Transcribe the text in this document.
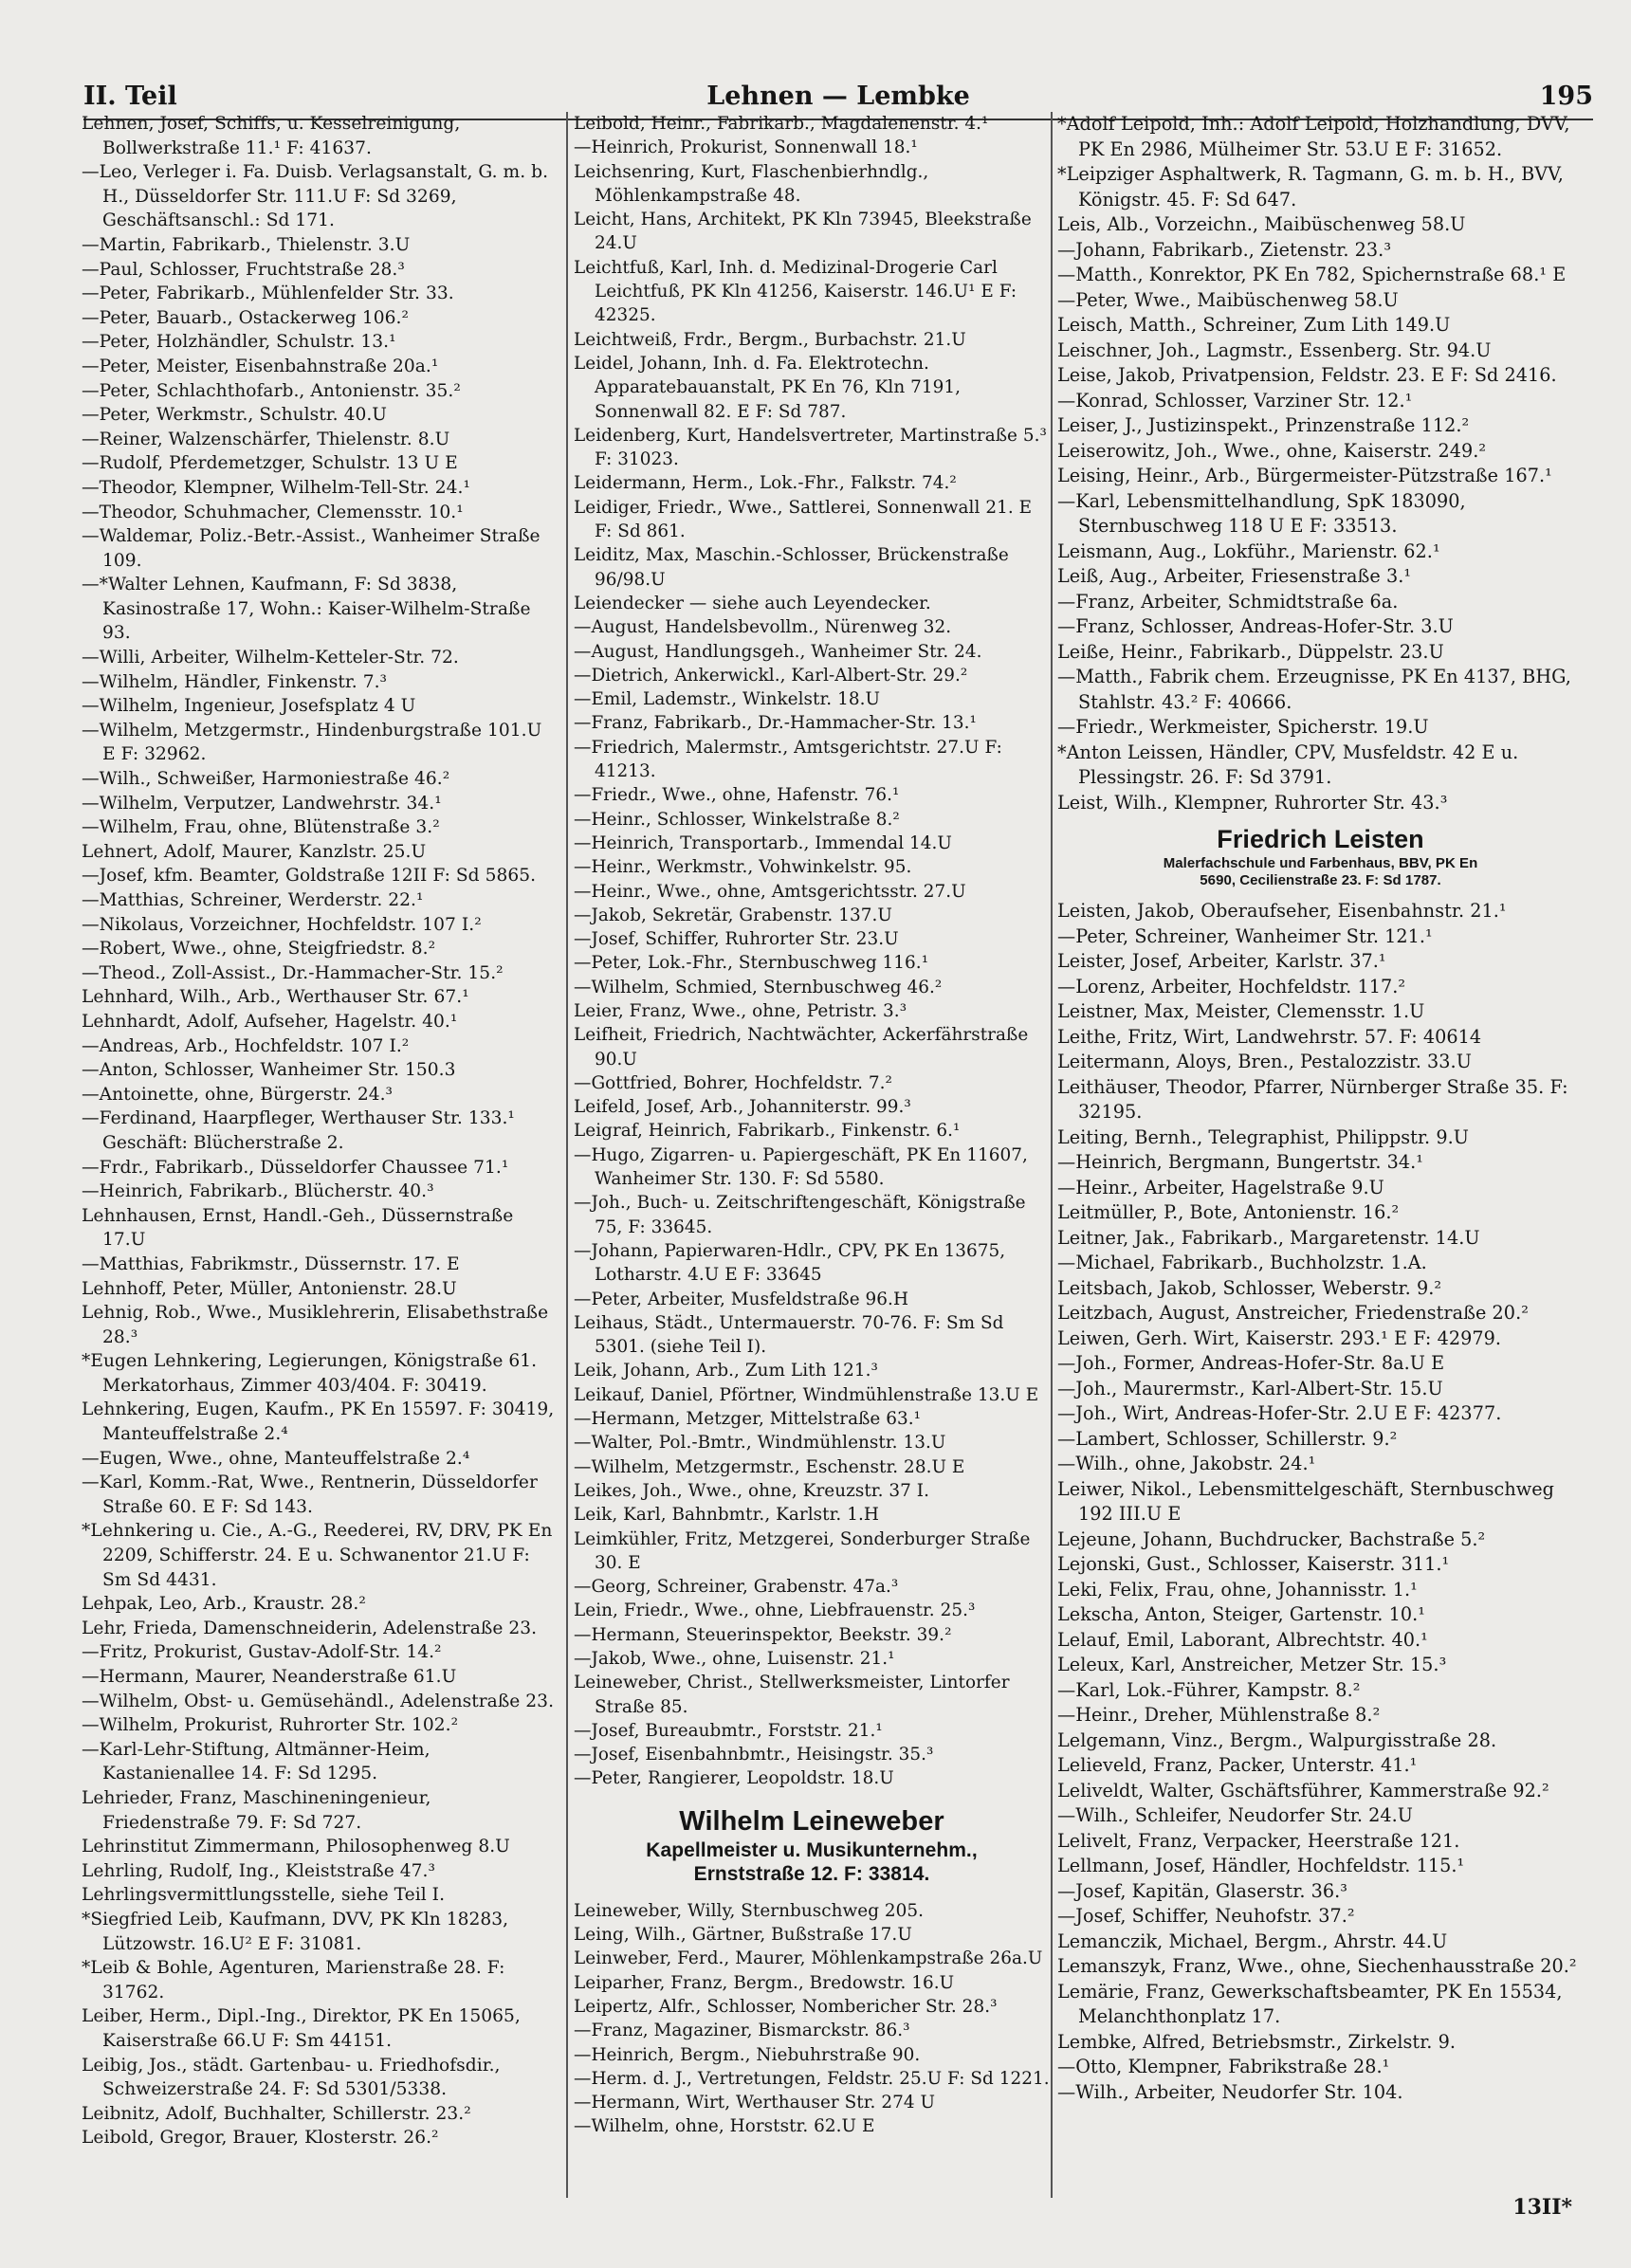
II. Teil	Lehnen — Lembke	195
Lehnen, Josef, Schiffs, u. Kesselreinigung, Bollwerkstraße 11.¹ F: 41637.
—Leo, Verleger i. Fa. Duisb. Verlagsanstalt, G. m. b. H., Düsseldorfer Str. 111.U F: Sd 3269, Geschäftsanschl.: Sd 171.
—Martin, Fabrikarb., Thielenstr. 3.U
—Paul, Schlosser, Fruchtstraße 28.³
—Peter, Fabrikarb., Mühlenfelder Str. 33.
—Peter, Bauarb., Ostackerweg 106.²
—Peter, Holzhändler, Schulstr. 13.¹
—Peter, Meister, Eisenbahnstraße 20a.¹
—Peter, Schlachthofarb., Antonienstr. 35.²
—Peter, Werkmstr., Schulstr. 40.U
—Reiner, Walzenschärfer, Thielenstr. 8.U
—Rudolf, Pferdemetzger, Schulstr. 13 U E
—Theodor, Klempner, Wilhelm-Tell-Str. 24.¹
—Theodor, Schuhmacher, Clemensstr. 10.¹
—Waldemar, Poliz.-Betr.-Assist., Wanheimer Straße 109.
—*Walter Lehnen, Kaufmann, F: Sd 3838, Kasinostraße 17, Wohn.: Kaiser-Wilhelm-Straße 93.
—Willi, Arbeiter, Wilhelm-Ketteler-Str. 72.
—Wilhelm, Händler, Finkenstr. 7.³
—Wilhelm, Ingenieur, Josefsplatz 4 U
—Wilhelm, Metzgermstr., Hindenburgstraße 101.U E F: 32962.
—Wilh., Schweißer, Harmoniestraße 46.²
—Wilhelm, Verputzer, Landwehrstr. 34.¹
—Wilhelm, Frau, ohne, Blütenstraße 3.²
Lehnert, Adolf, Maurer, Kanzlstr. 25.U
—Josef, kfm. Beamter, Goldstraße 12II F: Sd 5865.
—Matthias, Schreiner, Werderstr. 22.¹
—Nikolaus, Vorzeichner, Hochfeldstr. 107 I.²
—Robert, Wwe., ohne, Steigfriedstr. 8.²
—Theod., Zoll-Assist., Dr.-Hammacher-Str. 15.²
Lehnhard, Wilh., Arb., Werthauser Str. 67.¹
Lehnhardt, Adolf, Aufseher, Hagelstr. 40.¹
—Andreas, Arb., Hochfeldstr. 107 I.²
—Anton, Schlosser, Wanheimer Str. 150.3
—Antoinette, ohne, Bürgerstr. 24.³
—Ferdinand, Haarpfleger, Werthauser Str. 133.¹ Geschäft: Blücherstraße 2.
—Frdr., Fabrikarb., Düsseldorfer Chaussee 71.¹
—Heinrich, Fabrikarb., Blücherstr. 40.³
Lehnhausen, Ernst, Handl.-Geh., Düssernstraße 17.U
—Matthias, Fabrikmstr., Düssernstr. 17. E
Lehnhoff, Peter, Müller, Antonienstr. 28.U
Lehnig, Rob., Wwe., Musiklehrerin, Elisabethstraße 28.³
*Eugen Lehnkering, Legierungen, Königstraße 61. Merkatorhaus, Zimmer 403/404. F: 30419.
Lehnkering, Eugen, Kaufm., PK En 15597. F: 30419, Manteuffelstraße 2.⁴
—Eugen, Wwe., ohne, Manteuffelstraße 2.⁴
—Karl, Komm.-Rat, Wwe., Rentnerin, Düsseldorfer Straße 60. E F: Sd 143.
*Lehnkering u. Cie., A.-G., Reederei, RV, DRV, PK En 2209, Schifferstr. 24. E u. Schwanentor 21.U F: Sm Sd 4431.
Lehpak, Leo, Arb., Kraustr. 28.²
Lehr, Frieda, Damenschneiderin, Adelenstraße 23.
—Fritz, Prokurist, Gustav-Adolf-Str. 14.²
—Hermann, Maurer, Neanderstraße 61.U
—Wilhelm, Obst- u. Gemüsehändl., Adelenstraße 23.
—Wilhelm, Prokurist, Ruhrorter Str. 102.²
—Karl-Lehr-Stiftung, Altmänner-Heim, Kastanienallee 14. F: Sd 1295.
Lehrieder, Franz, Maschineningenieur, Friedenstraße 79. F: Sd 727.
Lehrinstitut Zimmermann, Philosophenweg 8.U
Lehrling, Rudolf, Ing., Kleiststraße 47.³
Lehrlingsvermittlungsstelle, siehe Teil I.
*Siegfried Leib, Kaufmann, DVV, PK Kln 18283, Lützowstr. 16.U² E F: 31081.
*Leib & Bohle, Agenturen, Marienstraße 28. F: 31762.
Leiber, Herm., Dipl.-Ing., Direktor, PK En 15065, Kaiserstraße 66.U F: Sm 44151.
Leibig, Jos., städt. Gartenbau- u. Friedhofsdir., Schweizerstraße 24. F: Sd 5301/5338.
Leibnitz, Adolf, Buchhalter, Schillerstr. 23.²
Leibold, Gregor, Brauer, Klosterstr. 26.²
Leibold, Heinr., Fabrikarb., Magdalenenstr. 4.¹
—Heinrich, Prokurist, Sonnenwall 18.¹
Leichsenring, Kurt, Flaschenbierhndlg., Möhlenkampstraße 48.
Leicht, Hans, Architekt, PK Kln 73945, Bleekstraße 24.U
Leichtfuß, Karl, Inh. d. Medizinal-Drogerie Carl Leichtfuß, PK Kln 41256, Kaiserstr. 146.U¹ E F: 42325.
Leichtweiß, Frdr., Bergm., Burbachstr. 21.U
Leidel, Johann, Inh. d. Fa. Elektrotechn. Apparatebauanstalt, PK En 76, Kln 7191, Sonnenwall 82. E F: Sd 787.
Leidenberg, Kurt, Handelsvertreter, Martinstraße 5.³ F: 31023.
Leidermann, Herm., Lok.-Fhr., Falkstr. 74.²
Leidiger, Friedr., Wwe., Sattlerei, Sonnenwall 21. E F: Sd 861.
Leiditz, Max, Maschin.-Schlosser, Brückenstraße 96/98.U
Leiendecker — siehe auch Leyendecker.
—August, Handelsbevollm., Nürenweg 32.
—August, Handlungsgeh., Wanheimer Str. 24.
—Dietrich, Ankerwickl., Karl-Albert-Str. 29.²
—Emil, Lademstr., Winkelstr. 18.U
—Franz, Fabrikarb., Dr.-Hammacher-Str. 13.¹
—Friedrich, Malermstr., Amtsgerichtstr. 27.U F: 41213.
—Friedr., Wwe., ohne, Hafenstr. 76.¹
—Heinr., Schlosser, Winkelstraße 8.²
—Heinrich, Transportarb., Immendal 14.U
—Heinr., Werkmstr., Vohwinkelstr. 95.
—Heinr., Wwe., ohne, Amtsgerichtsstr. 27.U
—Jakob, Sekretär, Grabenstr. 137.U
—Josef, Schiffer, Ruhrorter Str. 23.U
—Peter, Lok.-Fhr., Sternbuschweg 116.¹
—Wilhelm, Schmied, Sternbuschweg 46.²
Leier, Franz, Wwe., ohne, Petristr. 3.³
Leifheit, Friedrich, Nachtwächter, Ackerfährstraße 90.U
—Gottfried, Bohrer, Hochfeldstr. 7.²
Leifeld, Josef, Arb., Johanniterstr. 99.³
Leigraf, Heinrich, Fabrikarb., Finkenstr. 6.¹
—Hugo, Zigarren- u. Papiergeschäft, PK En 11607, Wanheimer Str. 130. F: Sd 5580.
—Joh., Buch- u. Zeitschriftengeschäft, Königstraße 75, F: 33645.
—Johann, Papierwaren-Hdlr., CPV, PK En 13675, Lotharstr. 4.U E F: 33645
—Peter, Arbeiter, Musfeldstraße 96.H
Leihaus, Städt., Untermauerstr. 70-76. F: Sm Sd 5301. (siehe Teil I).
Leik, Johann, Arb., Zum Lith 121.³
Leikauf, Daniel, Pförtner, Windmühlenstraße 13.U E
—Hermann, Metzger, Mittelstraße 63.¹
—Walter, Pol.-Bmtr., Windmühlenstr. 13.U
—Wilhelm, Metzgermstr., Eschenstr. 28.U E
Leikes, Joh., Wwe., ohne, Kreuzstr. 37 I.
Leik, Karl, Bahnbmtr., Karlstr. 1.H
Leimkühler, Fritz, Metzgerei, Sonderburger Straße 30. E
—Georg, Schreiner, Grabenstr. 47a.³
Lein, Friedr., Wwe., ohne, Liebfrauenstr. 25.³
—Hermann, Steuerinspektor, Beekstr. 39.²
—Jakob, Wwe., ohne, Luisenstr. 21.¹
Leineweber, Christ., Stellwerksmeister, Lintorfer Straße 85.
—Josef, Bureaubmtr., Forststr. 21.¹
—Josef, Eisenbahnbmtr., Heisingstr. 35.³
—Peter, Rangierer, Leopoldstr. 18.U
Wilhelm Leineweber
Kapellmeister u. Musikunternehm.,
Ernststraße 12. F: 33814.
Leineweber, Willy, Sternbuschweg 205.
Leing, Wilh., Gärtner, Bußstraße 17.U
Leinweber, Ferd., Maurer, Möhlenkampstraße 26a.U
Leiparher, Franz, Bergm., Bredowstr. 16.U
Leipertz, Alfr., Schlosser, Nombericher Str. 28.³
—Franz, Magaziner, Bismarckstr. 86.³
—Heinrich, Bergm., Niebuhrstraße 90.
—Herm. d. J., Vertretungen, Feldstr. 25.U F: Sd 1221.
—Hermann, Wirt, Werthauser Str. 274 U
—Wilhelm, ohne, Horststr. 62.U E
*Adolf Leipold, Inh.: Adolf Leipold, Holzhandlung, DVV, PK En 2986, Mülheimer Str. 53.U E F: 31652.
*Leipziger Asphaltwerk, R. Tagmann, G. m. b. H., BVV, Königstr. 45. F: Sd 647.
Leis, Alb., Vorzeichn., Maibüschenweg 58.U
—Johann, Fabrikarb., Zietenstr. 23.³
—Matth., Konrektor, PK En 782, Spichernstraße 68.¹ E
—Peter, Wwe., Maibüschenweg 58.U
Leisch, Matth., Schreiner, Zum Lith 149.U
Leischner, Joh., Lagmstr., Essenberg. Str. 94.U
Leise, Jakob, Privatpension, Feldstr. 23. E F: Sd 2416.
—Konrad, Schlosser, Varziner Str. 12.¹
Leiser, J., Justizinspekt., Prinzenstraße 112.²
Leiserowitz, Joh., Wwe., ohne, Kaiserstr. 249.²
Leising, Heinr., Arb., Bürgermeister-Pützstraße 167.¹
—Karl, Lebensmittelhandlung, SpK 183090, Sternbuschweg 118 U E F: 33513.
Leismann, Aug., Lokführ., Marienstr. 62.¹
Leiß, Aug., Arbeiter, Friesenstraße 3.¹
—Franz, Arbeiter, Schmidtstraße 6a.
—Franz, Schlosser, Andreas-Hofer-Str. 3.U
Leiße, Heinr., Fabrikarb., Düppelstr. 23.U
—Matth., Fabrik chem. Erzeugnisse, PK En 4137, BHG, Stahlstr. 43.² F: 40666.
—Friedr., Werkmeister, Spicherstr. 19.U
*Anton Leissen, Händler, CPV, Musfeldstr. 42 E u. Plessingstr. 26. F: Sd 3791.
Leist, Wilh., Klempner, Ruhrorter Str. 43.³
Friedrich Leisten
Malerfachschule und Farbenhaus, BBV, PK En
5690, Cecilienstraße 23. F: Sd 1787.
Leisten, Jakob, Oberaufseher, Eisenbahnstr. 21.¹
—Peter, Schreiner, Wanheimer Str. 121.¹
Leister, Josef, Arbeiter, Karlstr. 37.¹
—Lorenz, Arbeiter, Hochfeldstr. 117.²
Leistner, Max, Meister, Clemensstr. 1.U
Leithe, Fritz, Wirt, Landwehrstr. 57. F: 40614
Leitermann, Aloys, Bren., Pestalozzistr. 33.U
Leithäuser, Theodor, Pfarrer, Nürnberger Straße 35. F: 32195.
Leiting, Bernh., Telegraphist, Philippstr. 9.U
—Heinrich, Bergmann, Bungertstr. 34.¹
—Heinr., Arbeiter, Hagelstraße 9.U
Leitmüller, P., Bote, Antonienstr. 16.²
Leitner, Jak., Fabrikarb., Margaretenstr. 14.U
—Michael, Fabrikarb., Buchholzstr. 1.A.
Leitsbach, Jakob, Schlosser, Weberstr. 9.²
Leitzbach, August, Anstreicher, Friedenstraße 20.²
Leiwen, Gerh. Wirt, Kaiserstr. 293.¹ E F: 42979.
—Joh., Former, Andreas-Hofer-Str. 8a.U E
—Joh., Maurermstr., Karl-Albert-Str. 15.U
—Joh., Wirt, Andreas-Hofer-Str. 2.U E F: 42377.
—Lambert, Schlosser, Schillerstr. 9.²
—Wilh., ohne, Jakobstr. 24.¹
Leiwer, Nikol., Lebensmittelgeschäft, Sternbuschweg 192 III.U E
Lejeune, Johann, Buchdrucker, Bachstraße 5.²
Lejonski, Gust., Schlosser, Kaiserstr. 311.¹
Leki, Felix, Frau, ohne, Johannisstr. 1.¹
Lekscha, Anton, Steiger, Gartenstr. 10.¹
Lelauf, Emil, Laborant, Albrechtstr. 40.¹
Leleux, Karl, Anstreicher, Metzer Str. 15.³
—Karl, Lok.-Führer, Kampstr. 8.²
—Heinr., Dreher, Mühlenstraße 8.²
Lelgemann, Vinz., Bergm., Walpurgisstraße 28.
Lelieveld, Franz, Packer, Unterstr. 41.¹
Leliveldt, Walter, Gschäftsführer, Kammerstraße 92.²
—Wilh., Schleifer, Neudorfer Str. 24.U
Lelivelt, Franz, Verpacker, Heerstraße 121.
Lellmann, Josef, Händler, Hochfeldstr. 115.¹
—Josef, Kapitän, Glaserstr. 36.³
—Josef, Schiffer, Neuhofstr. 37.²
Lemanczik, Michael, Bergm., Ahrstr. 44.U
Lemanszyk, Franz, Wwe., ohne, Siechenhausstraße 20.²
Lemärie, Franz, Gewerkschaftsbeamter, PK En 15534, Melanchthonplatz 17.
Lembke, Alfred, Betriebsmstr., Zirkelstr. 9.
—Otto, Klempner, Fabrikstraße 28.¹
—Wilh., Arbeiter, Neudorfer Str. 104.
13II*
